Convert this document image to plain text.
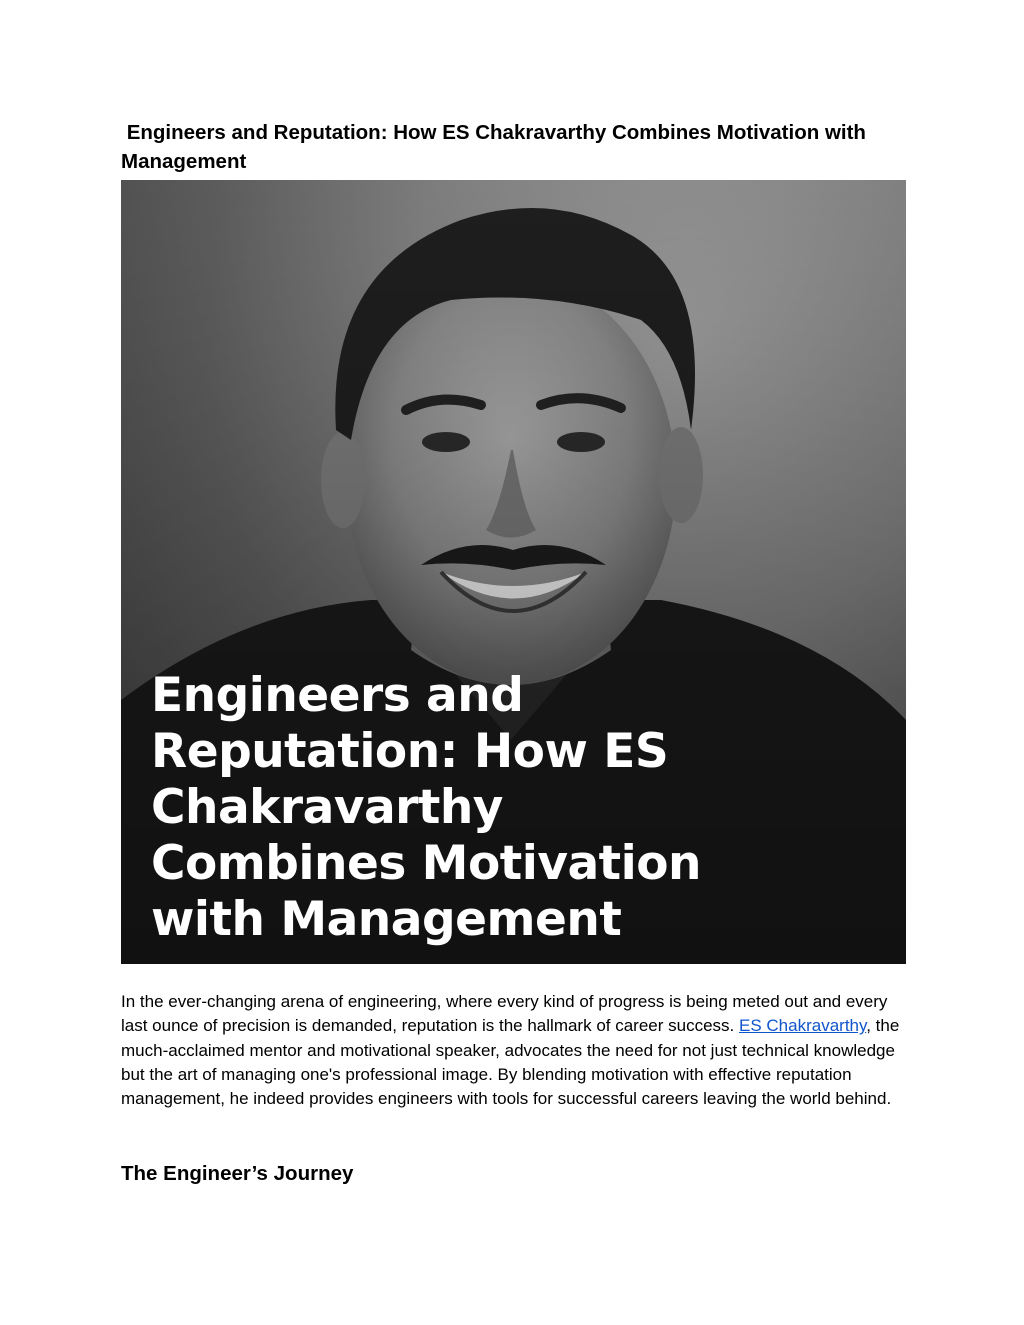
Engineers and Reputation: How ES Chakravarthy Combines Motivation with Management
Engineers and
Reputation: How ES
Chakravarthy
Combines Motivation
with Management

In the ever-changing arena of engineering, where every kind of progress is being meted out and every last ounce of precision is demanded, reputation is the hallmark of career success. ES Chakravarthy, the much-acclaimed mentor and motivational speaker, advocates the need for not just technical knowledge but the art of managing one's professional image. By blending motivation with effective reputation management, he indeed provides engineers with tools for successful careers leaving the world behind.

The Engineer’s Journey
